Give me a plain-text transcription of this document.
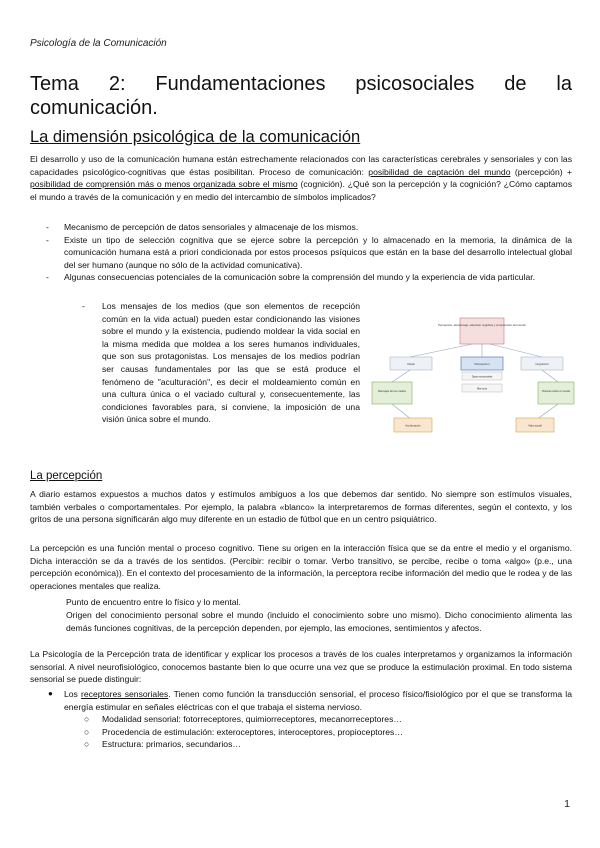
Psicología de la Comunicación
Tema 2: Fundamentaciones psicosociales de la
comunicación.
La dimensión psicológica de la comunicación
El desarrollo y uso de la comunicación humana están estrechamente relacionados con las características cerebrales y sensoriales y con las capacidades psicológico-cognitivas que éstas posibilitan. Proceso de comunicación: posibilidad de captación del mundo (percepción) + posibilidad de comprensión más o menos organizada sobre el mismo (cognición). ¿Qué son la percepción y la cognición? ¿Cómo captamos el mundo a través de la comunicación y en medio del intercambio de símbolos implicados?
- Mecanismo de percepción de datos sensoriales y almacenaje de los mismos.
- Existe un tipo de selección cognitiva que se ejerce sobre la percepción y lo almacenado en la memoria, la dinámica de la comunicación humana está a priori condicionada por estos procesos psíquicos que están en la base del desarrollo intelectual global del ser humano (aunque no sólo de la actividad comunicativa).
- Algunas consecuencias potenciales de la comunicación sobre la comprensión del mundo y la experiencia de vida particular.
- Los mensajes de los medios (que son elementos de recepción común en la vida actual) pueden estar condicionando las visiones sobre el mundo y la existencia, pudiendo moldear la vida social en la misma medida que moldea a los seres humanos individuales, que son sus protagonistas. Los mensajes de los medios podrían ser causas fundamentales por las que se está produce el fenómeno de "aculturación", es decir el moldeamiento común en una cultura única o el vaciado cultural y, consecuentemente, las condiciones favorables para, si conviene, la imposición de una visión única sobre el mundo.
Percepción, almacenaje, selección cognitiva y comprensión del mundo
Visión	Percepción	Cognición
Datos sensoriales
Memoria
Mensajes de los medios	Visiones sobre el mundo
Aculturación	Vida social
La percepción
A diario estamos expuestos a muchos datos y estímulos ambiguos a los que debemos dar sentido. No siempre son estímulos visuales, también verbales o comportamentales. Por ejemplo, la palabra «blanco» la interpretaremos de formas diferentes, según el contexto, y los gritos de una persona significarán algo muy diferente en un estadio de fútbol que en un centro psiquiátrico.
La percepción es una función mental o proceso cognitivo. Tiene su origen en la interacción física que se da entre el medio y el organismo. Dicha interacción se da a través de los sentidos. (Percibir: recibir o tomar. Verbo transitivo, se percibe, recibe o toma «algo» (p.e., una percepción económica)). En el contexto del procesamiento de la información, la perceptora recibe información del medio que le rodea y de las operaciones mentales que realiza.
Punto de encuentro entre lo físico y lo mental.
Origen del conocimiento personal sobre el mundo (incluido el conocimiento sobre uno mismo). Dicho conocimiento alimenta las demás funciones cognitivas, de la percepción dependen, por ejemplo, las emociones, sentimientos y afectos.
La Psicología de la Percepción trata de identificar y explicar los procesos a través de los cuales interpretamos y organizamos la información sensorial. A nivel neurofisiológico, conocemos bastante bien lo que ocurre una vez que se produce la estimulación proximal. En todo sistema sensorial se puede distinguir:
● Los receptores sensoriales. Tienen como función la transducción sensorial, el proceso físico/fisiológico por el que se transforma la energía estimular en señales eléctricas con el que trabaja el sistema nervioso.
○ Modalidad sensorial: fotorreceptores, quimiorreceptores, mecanorreceptores…
○ Procedencia de estimulación: exteroceptores, interoceptores, propioceptores…
○ Estructura: primarios, secundarios…
1
